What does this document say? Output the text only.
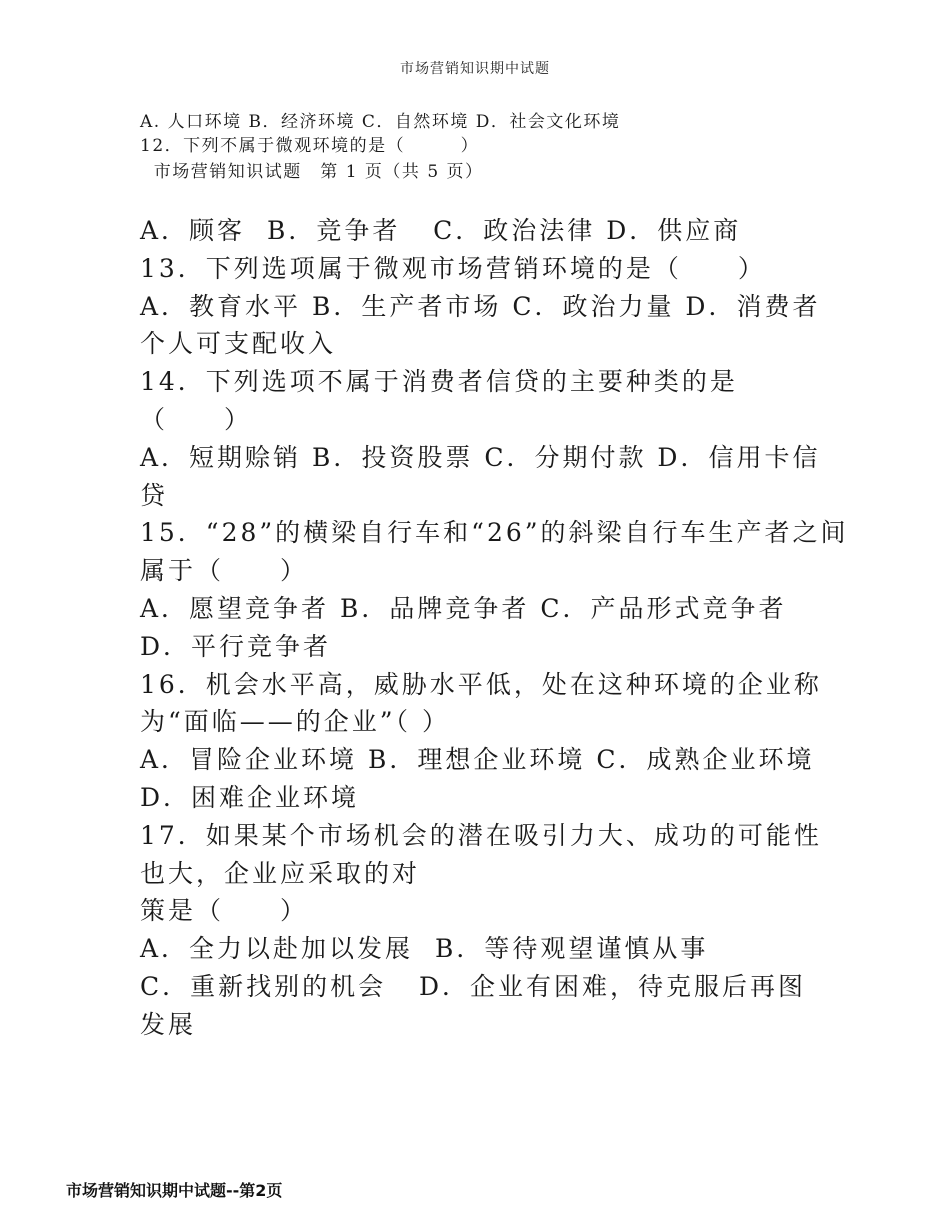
市场营销知识期中试题
A. 人口环境 B．经济环境 C．自然环境 D．社会文化环境
12．下列不属于微观环境的是（　　　）
市场营销知识试题　第 1 页（共 5 页）
A．顾客  B．竞争者   C．政治法律 D．供应商
13．下列选项属于微观市场营销环境的是（　　）
A．教育水平 B．生产者市场 C．政治力量 D．消费者
个人可支配收入
14．下列选项不属于消费者信贷的主要种类的是
（　　）
A．短期赊销 B．投资股票 C．分期付款 D．信用卡信
贷
15．“28”的横梁自行车和“26”的斜梁自行车生产者之间
属于（　　）
A．愿望竞争者 B．品牌竞争者 C．产品形式竞争者
D．平行竞争者
16．机会水平高，威胁水平低，处在这种环境的企业称
为“面临——的企业”（ ）
A．冒险企业环境 B．理想企业环境 C．成熟企业环境
D．困难企业环境
17．如果某个市场机会的潜在吸引力大、成功的可能性
也大，企业应采取的对
策是（　　）
A．全力以赴加以发展  B．等待观望谨慎从事
C．重新找别的机会   D．企业有困难，待克服后再图
发展
市场营销知识期中试题--第2页
